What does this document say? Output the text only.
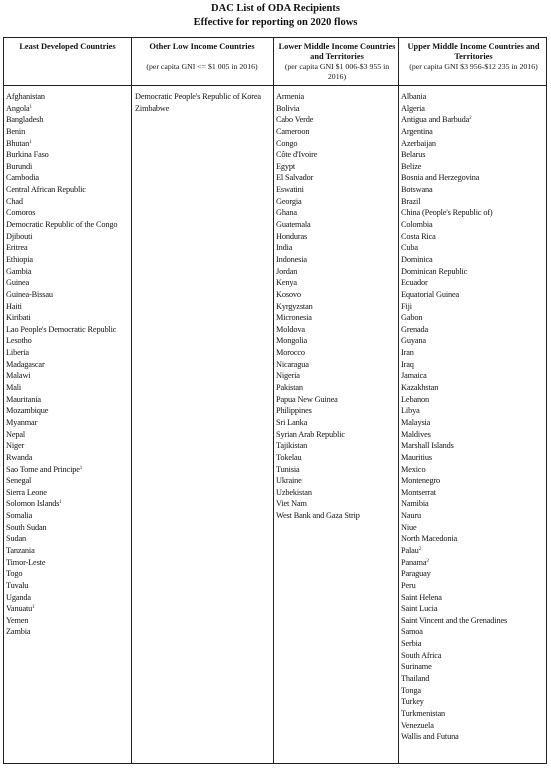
DAC List of ODA Recipients
Effective for reporting on 2020 flows
Least Developed Countries	Other Low Income Countries
(per capita GNI <= $1 005 in 2016)
Lower Middle Income Countries and Territories
(per capita GNI $1 006-$3 955 in 2016)
Upper Middle Income Countries and Territories
(per capita GNI $3 956-$12 235 in 2016)
Afghanistan
Angola$^1$
Bangladesh
Benin
Bhutan$^1$
Burkina Faso
Burundi
Cambodia
Central African Republic
Chad
Comoros
Democratic Republic of the Congo
Djibouti
Eritrea
Ethiopia
Gambia
Guinea
Guinea-Bissau
Haiti
Kiribati
Lao People's Democratic Republic
Lesotho
Liberia
Madagascar
Malawi
Mali
Mauritania
Mozambique
Myanmar
Nepal
Niger
Rwanda
Sao Tome and Principe$^1$
Senegal
Sierra Leone
Solomon Islands$^1$
Somalia
South Sudan
Sudan
Tanzania
Timor-Leste
Togo
Tuvalu
Uganda
Vanuatu$^1$
Yemen
Zambia
Democratic People's Republic of Korea
Zimbabwe
Armenia
Bolivia
Cabo Verde
Cameroon
Congo
Côte d'Ivoire
Egypt
El Salvador
Eswatini
Georgia
Ghana
Guatemala
Honduras
India
Indonesia
Jordan
Kenya
Kosovo
Kyrgyzstan
Micronesia
Moldova
Mongolia
Morocco
Nicaragua
Nigeria
Pakistan
Papua New Guinea
Philippines
Sri Lanka
Syrian Arab Republic
Tajikistan
Tokelau
Tunisia
Ukraine
Uzbekistan
Viet Nam
West Bank and Gaza Strip
Albania
Algeria
Antigua and Barbuda$^2$
Argentina
Azerbaijan
Belarus
Belize
Bosnia and Herzegovina
Botswana
Brazil
China (People's Republic of)
Colombia
Costa Rica
Cuba
Dominica
Dominican Republic
Ecuador
Equatorial Guinea
Fiji
Gabon
Grenada
Guyana
Iran
Iraq
Jamaica
Kazakhstan
Lebanon
Libya
Malaysia
Maldives
Marshall Islands
Mauritius
Mexico
Montenegro
Montserrat
Namibia
Nauru
Niue
North Macedonia
Palau$^2$
Panama$^2$
Paraguay
Peru
Saint Helena
Saint Lucia
Saint Vincent and the Grenadines
Samoa
Serbia
South Africa
Suriname
Thailand
Tonga
Turkey
Turkmenistan
Venezuela
Wallis and Futuna
